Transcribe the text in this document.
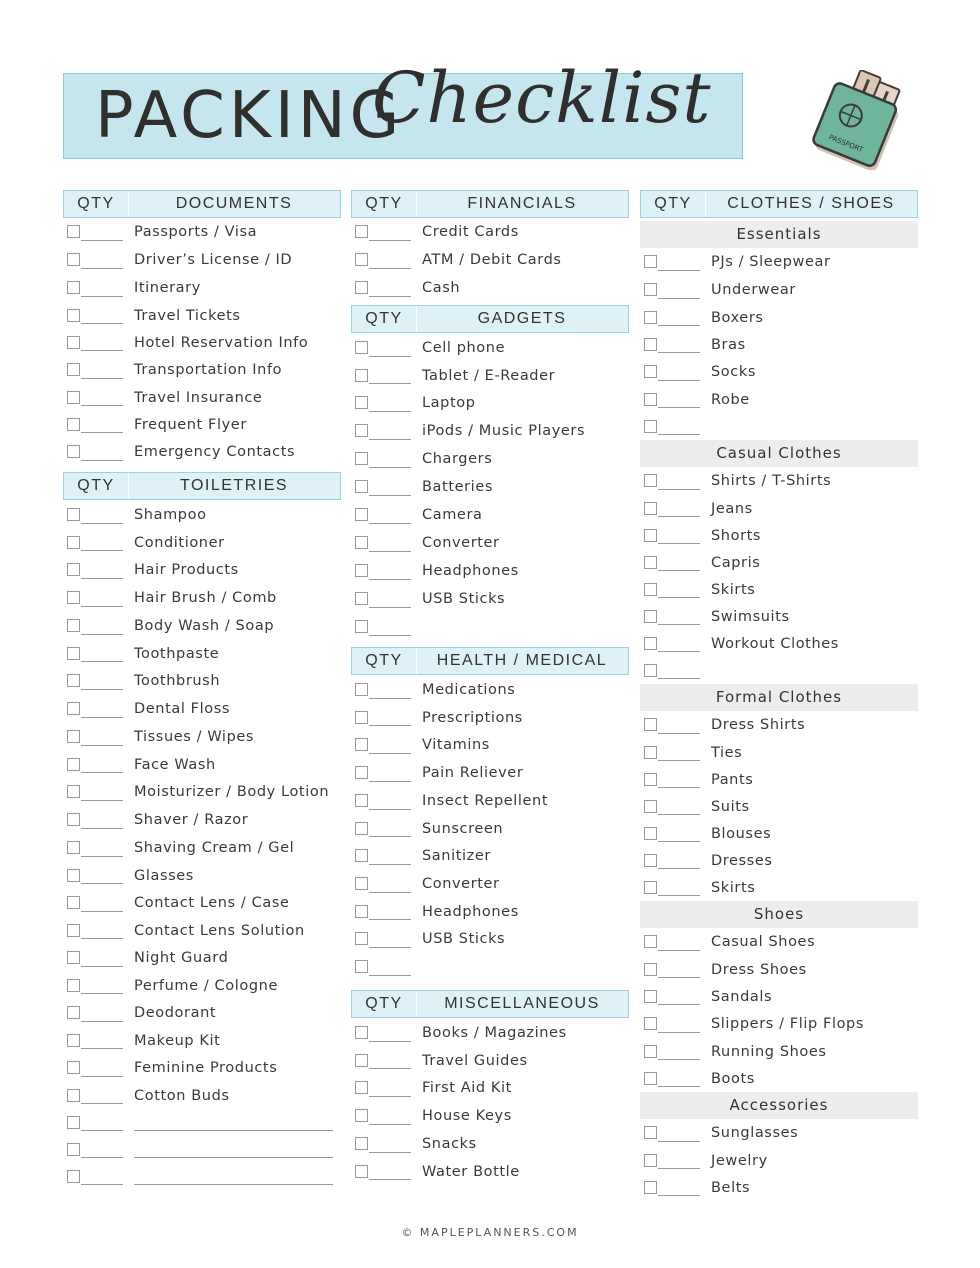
PACKING
Checklist
PASSPORT
QTY	DOCUMENTS
Passports / Visa
Driver’s License / ID
Itinerary
Travel Tickets
Hotel Reservation Info
Transportation Info
Travel Insurance
Frequent Flyer
Emergency Contacts
QTY	TOILETRIES
Shampoo
Conditioner
Hair Products
Hair Brush / Comb
Body Wash / Soap
Toothpaste
Toothbrush
Dental Floss
Tissues / Wipes
Face Wash
Moisturizer / Body Lotion
Shaver / Razor
Shaving Cream / Gel
Glasses
Contact Lens / Case
Contact Lens Solution
Night Guard
Perfume / Cologne
Deodorant
Makeup Kit
Feminine Products
Cotton Buds
QTY	FINANCIALS
Credit Cards
ATM / Debit Cards
Cash
QTY	GADGETS
Cell phone
Tablet / E-Reader
Laptop
iPods / Music Players
Chargers
Batteries
Camera
Converter
Headphones
USB Sticks
QTY	HEALTH / MEDICAL
Medications
Prescriptions
Vitamins
Pain Reliever
Insect Repellent
Sunscreen
Sanitizer
Converter
Headphones
USB Sticks
QTY	MISCELLANEOUS
Books / Magazines
Travel Guides
First Aid Kit
House Keys
Snacks
Water Bottle
QTY	CLOTHES / SHOES
Essentials
PJs / Sleepwear
Underwear
Boxers
Bras
Socks
Robe
Casual Clothes
Shirts / T-Shirts
Jeans
Shorts
Capris
Skirts
Swimsuits
Workout Clothes
Formal Clothes
Dress Shirts
Ties
Pants
Suits
Blouses
Dresses
Skirts
Shoes
Casual Shoes
Dress Shoes
Sandals
Slippers / Flip Flops
Running Shoes
Boots
Accessories
Sunglasses
Jewelry
Belts
© MAPLEPLANNERS.COM
